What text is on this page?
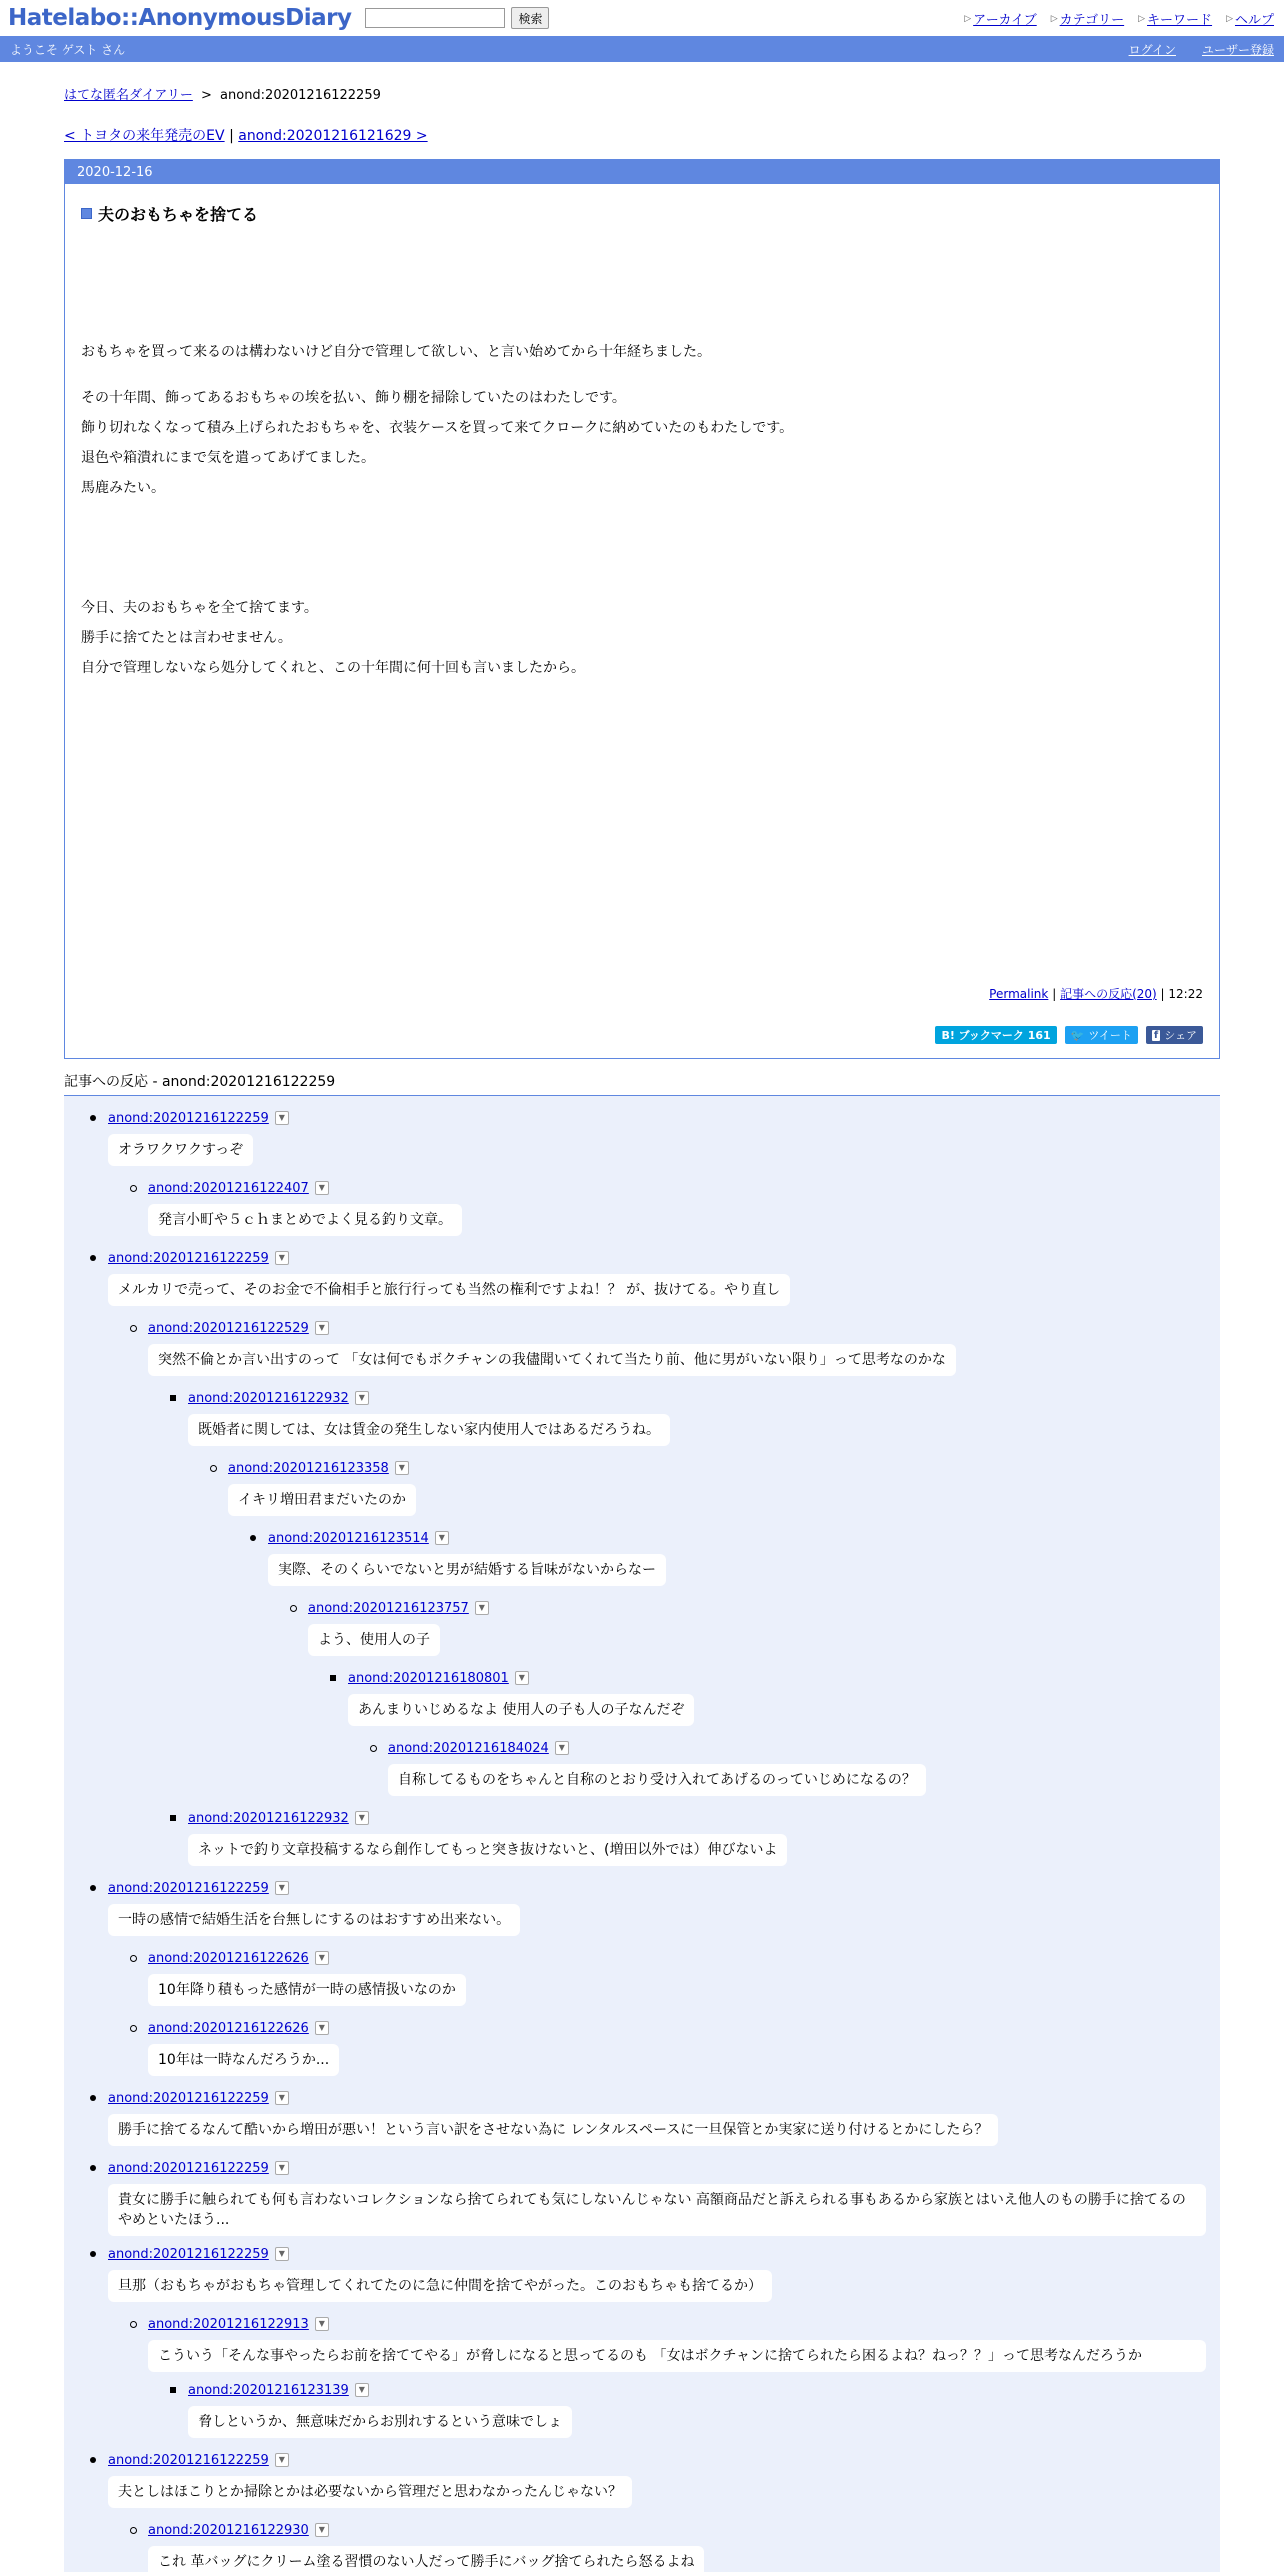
Hatelabo::AnonymousDiary	検索	▷ アーカイブ ▷ カテゴリー ▷ キーワード ▷ ヘルプ
ようこそ ゲスト さん	ログイン ユーザー登録
はてな匿名ダイアリー > anond:20201216122259
< トヨタの来年発売のEV | anond:20201216121629 >
2020-12-16
夫のおもちゃを捨てる
おもちゃを買って来るのは構わないけど自分で管理して欲しい、と言い始めてから十年経ちました。
その十年間、飾ってあるおもちゃの埃を払い、飾り棚を掃除していたのはわたしです。
飾り切れなくなって積み上げられたおもちゃを、衣装ケースを買って来てクロークに納めていたのもわたしです。
退色や箱潰れにまで気を遣ってあげてました。
馬鹿みたい。
今日、夫のおもちゃを全て捨てます。
勝手に捨てたとは言わせません。
自分で管理しないなら処分してくれと、この十年間に何十回も言いましたから。
Permalink | 記事への反応(20) | 12:22
B! ブックマーク 161	🐦 ツイート f シェア
記事への反応 - anond:20201216122259
anond:20201216122259	▼
オラワクワクすっぞ
anond:20201216122407	▼
発言小町や５ｃｈまとめでよく見る釣り文章。
anond:20201216122259	▼
メルカリで売って、そのお金で不倫相手と旅行行っても当然の権利ですよね！？ が、抜けてる。やり直し
anond:20201216122529	▼
突然不倫とか言い出すのって 「女は何でもボクチャンの我儘聞いてくれて当たり前、他に男がいない限り」って思考なのかな
anond:20201216122932	▼
既婚者に関しては、女は賃金の発生しない家内使用人ではあるだろうね。
anond:20201216123358	▼
イキリ増田君まだいたのか
anond:20201216123514	▼
実際、そのくらいでないと男が結婚する旨味がないからなー
anond:20201216123757	▼
よう、使用人の子
anond:20201216180801	▼
あんまりいじめるなよ 使用人の子も人の子なんだぞ
anond:20201216184024	▼
自称してるものをちゃんと自称のとおり受け入れてあげるのっていじめになるの？
anond:20201216122932	▼
ネットで釣り文章投稿するなら創作してもっと突き抜けないと、(増田以外では）伸びないよ
anond:20201216122259	▼
一時の感情で結婚生活を台無しにするのはおすすめ出来ない。
anond:20201216122626	▼
10年降り積もった感情が一時の感情扱いなのか
anond:20201216122626	▼
10年は一時なんだろうか...
anond:20201216122259	▼
勝手に捨てるなんて酷いから増田が悪い！という言い訳をさせない為に レンタルスペースに一旦保管とか実家に送り付けるとかにしたら？
anond:20201216122259	▼
貴女に勝手に触られても何も言わないコレクションなら捨てられても気にしないんじゃない 高額商品だと訴えられる事もあるから家族とはいえ他人のもの勝手に捨てるのやめといたほう...
anond:20201216122259	▼
旦那（おもちゃがおもちゃ管理してくれてたのに急に仲間を捨てやがった。このおもちゃも捨てるか）
anond:20201216122913	▼
こういう「そんな事やったらお前を捨ててやる」が脅しになると思ってるのも 「女はボクチャンに捨てられたら困るよね？ねっ？？」って思考なんだろうか
anond:20201216123139	▼
脅しというか、無意味だからお別れするという意味でしょ
anond:20201216122259	▼
夫としはほこりとか掃除とかは必要ないから管理だと思わなかったんじゃない？
anond:20201216122930	▼
これ 革バッグにクリーム塗る習慣のない人だって勝手にバッグ捨てられたら怒るよね
